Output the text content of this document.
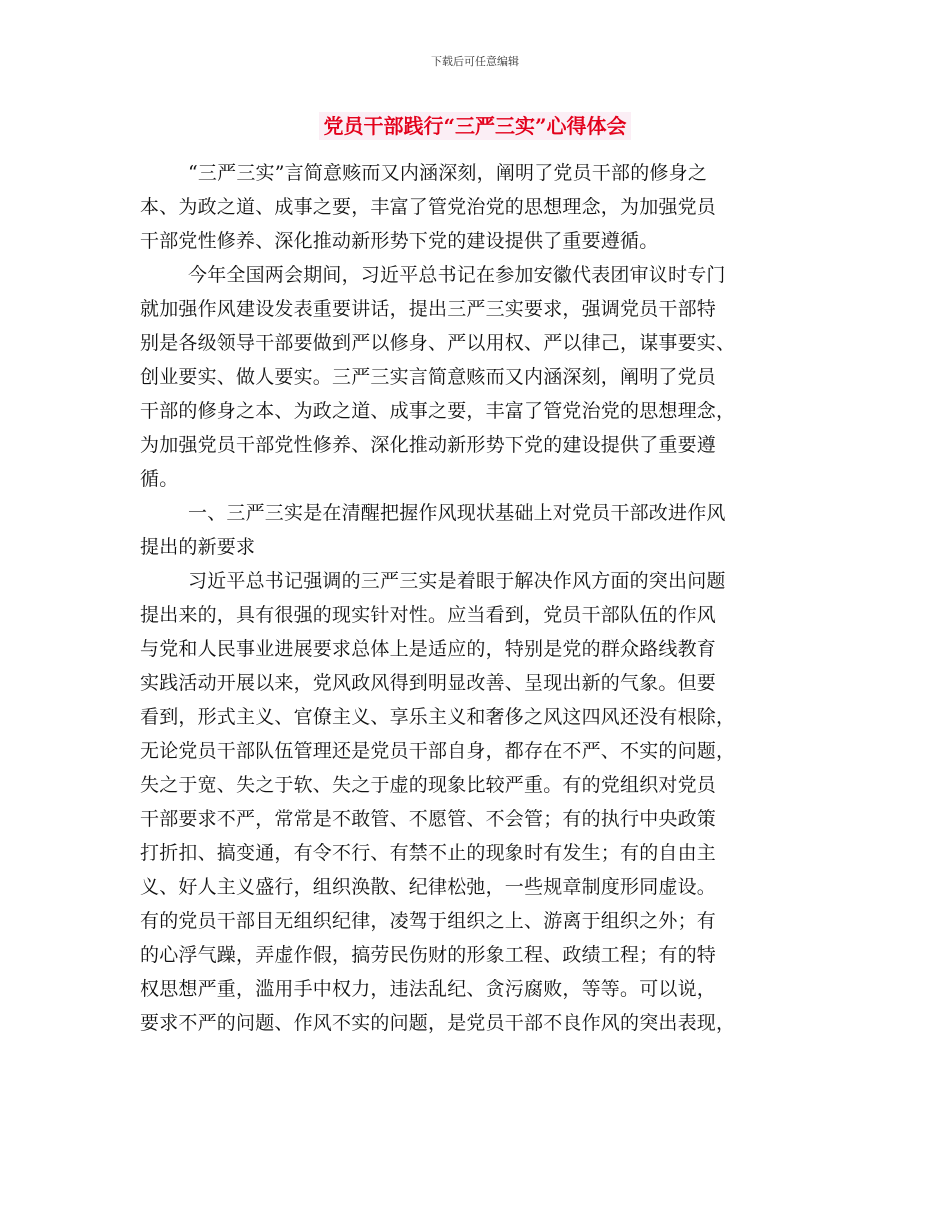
下载后可任意编辑
党员干部践行“三严三实”心得体会

“三严三实”言简意赅而又内涵深刻，阐明了党员干部的修身之
本、为政之道、成事之要，丰富了管党治党的思想理念，为加强党员
干部党性修养、深化推动新形势下党的建设提供了重要遵循。

今年全国两会期间，习近平总书记在参加安徽代表团审议时专门
就加强作风建设发表重要讲话，提出三严三实要求，强调党员干部特
别是各级领导干部要做到严以修身、严以用权、严以律己，谋事要实、
创业要实、做人要实。三严三实言简意赅而又内涵深刻，阐明了党员
干部的修身之本、为政之道、成事之要，丰富了管党治党的思想理念，
为加强党员干部党性修养、深化推动新形势下党的建设提供了重要遵
循。

一、三严三实是在清醒把握作风现状基础上对党员干部改进作风
提出的新要求

习近平总书记强调的三严三实是着眼于解决作风方面的突出问题
提出来的，具有很强的现实针对性。应当看到，党员干部队伍的作风
与党和人民事业进展要求总体上是适应的，特别是党的群众路线教育
实践活动开展以来，党风政风得到明显改善、呈现出新的气象。但要
看到，形式主义、官僚主义、享乐主义和奢侈之风这四风还没有根除，
无论党员干部队伍管理还是党员干部自身，都存在不严、不实的问题，
失之于宽、失之于软、失之于虚的现象比较严重。有的党组织对党员
干部要求不严，常常是不敢管、不愿管、不会管；有的执行中央政策
打折扣、搞变通，有令不行、有禁不止的现象时有发生；有的自由主
义、好人主义盛行，组织涣散、纪律松弛，一些规章制度形同虚设。
有的党员干部目无组织纪律，凌驾于组织之上、游离于组织之外；有
的心浮气躁，弄虚作假，搞劳民伤财的形象工程、政绩工程；有的特
权思想严重，滥用手中权力，违法乱纪、贪污腐败，等等。可以说，
要求不严的问题、作风不实的问题，是党员干部不良作风的突出表现，
